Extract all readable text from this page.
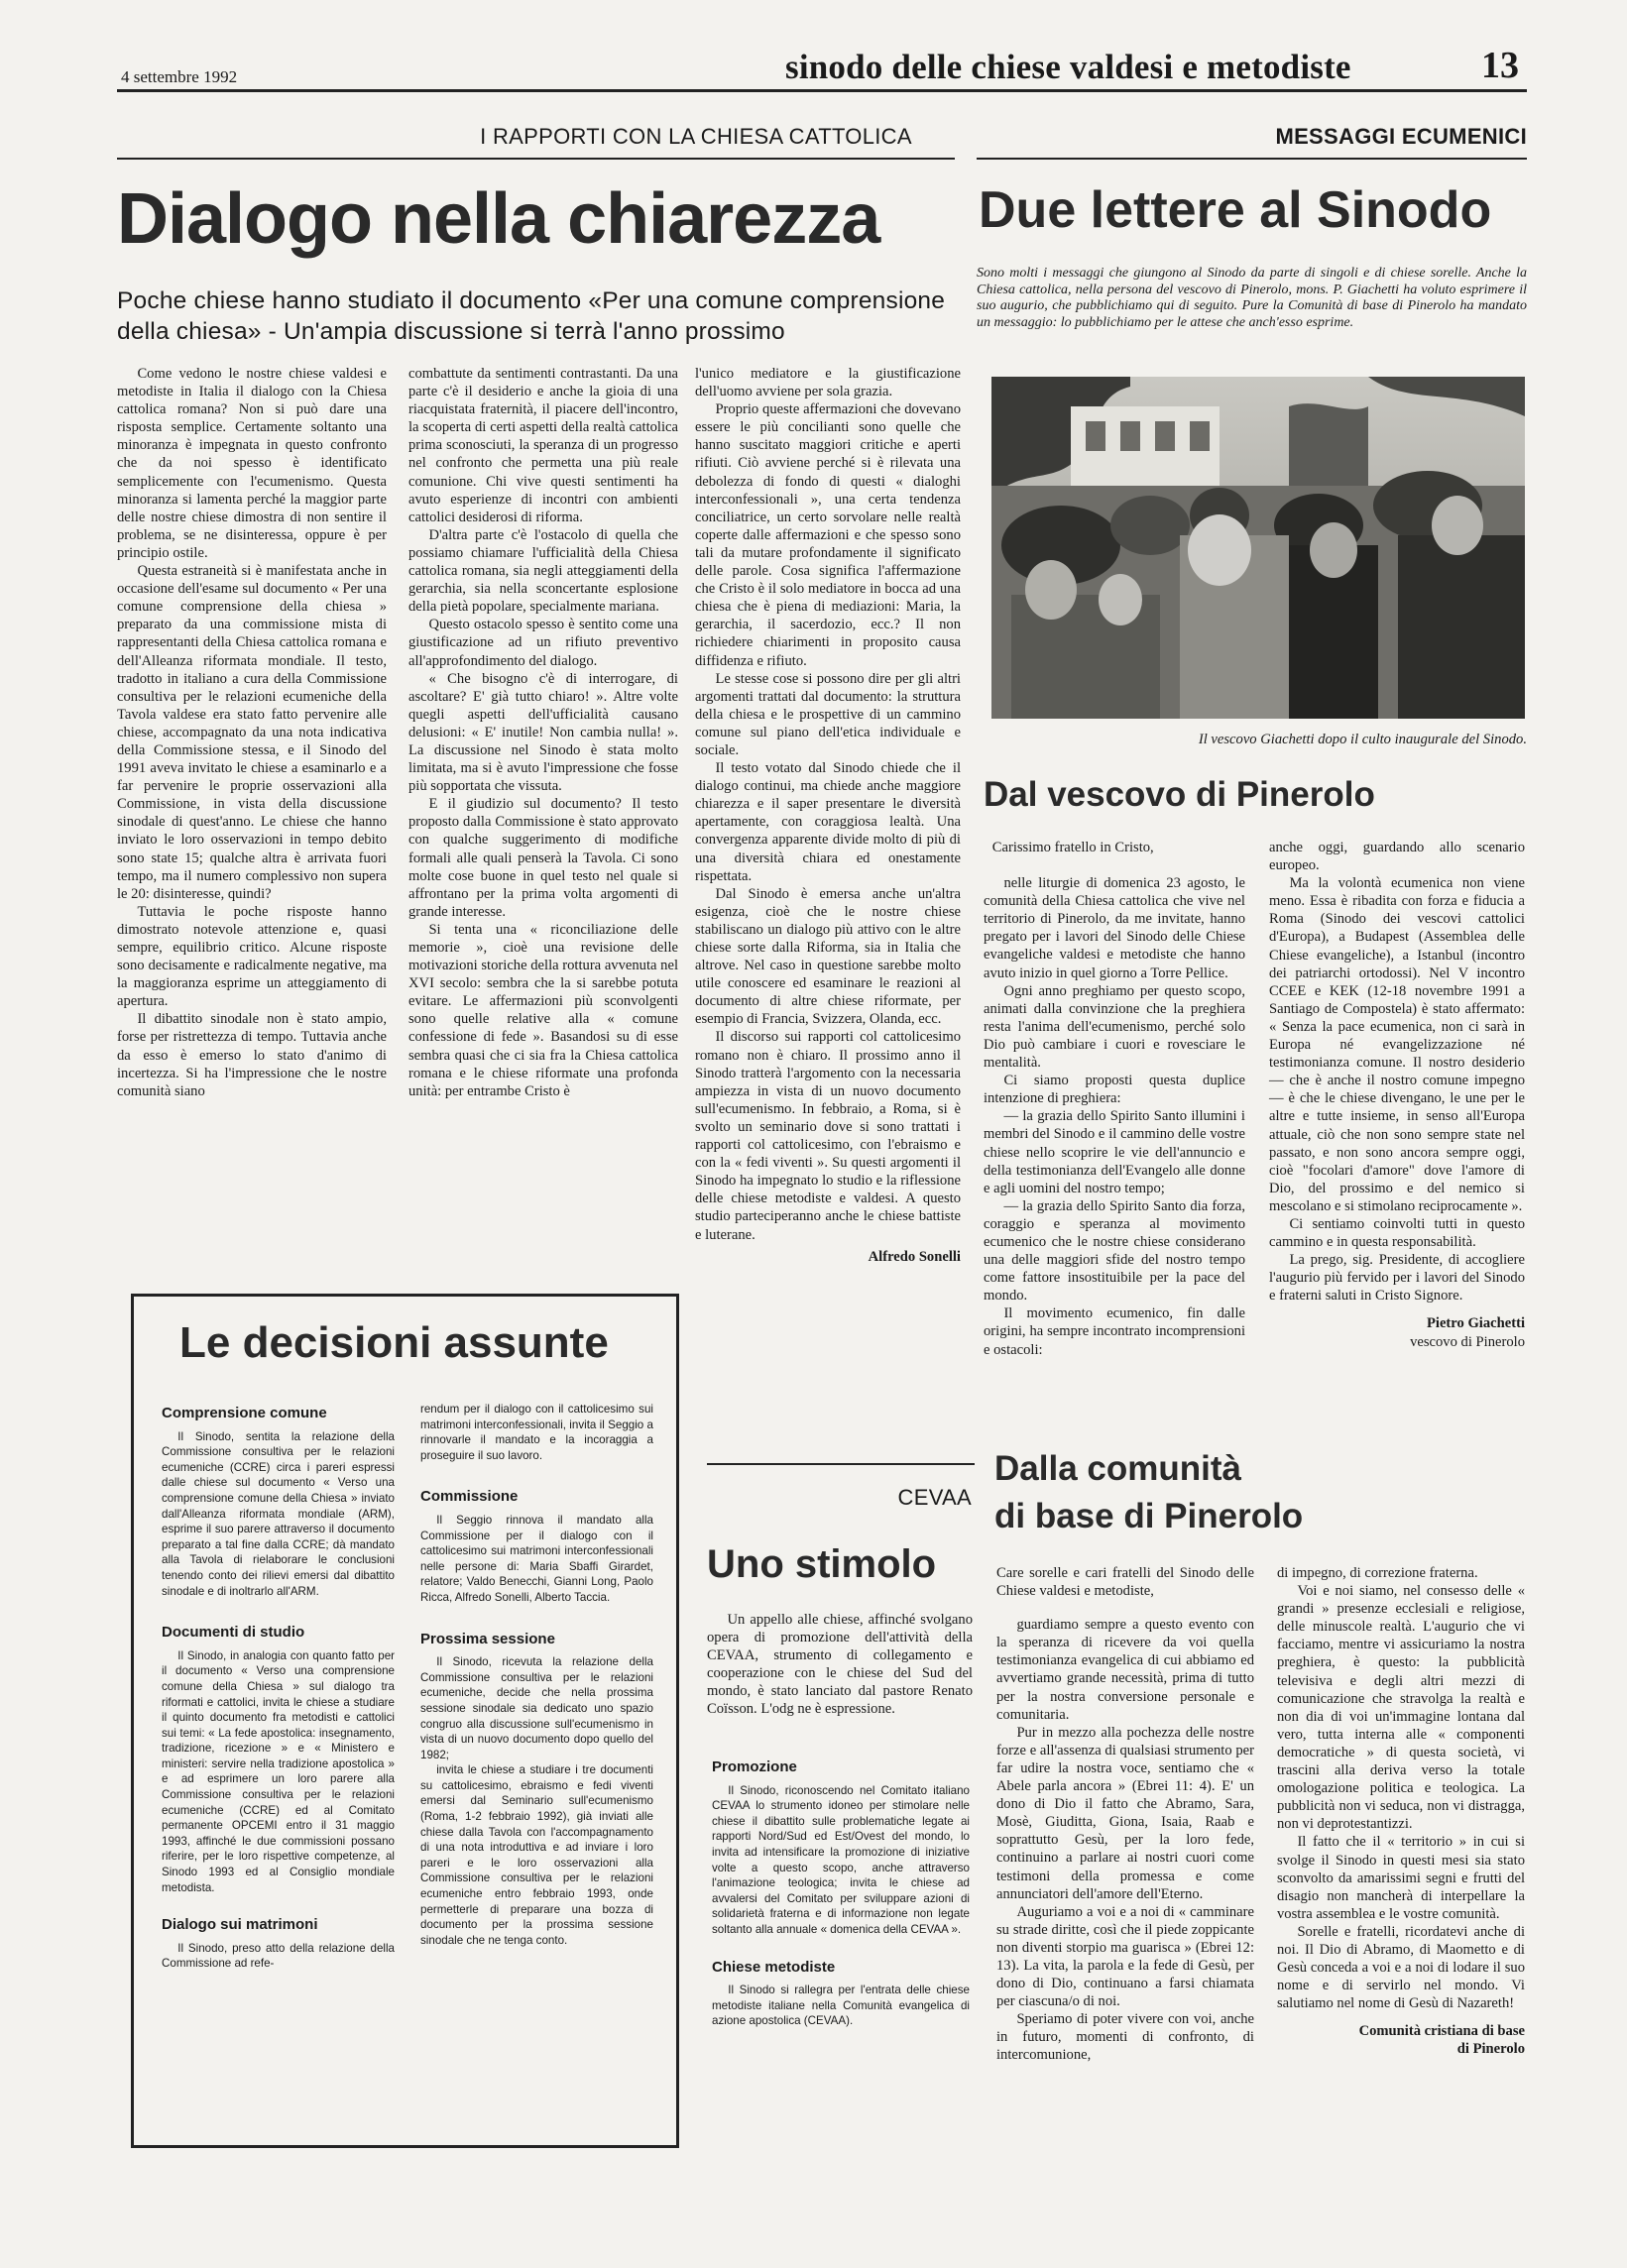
4 settembre 1992	sinodo delle chiese valdesi e metodiste	13
I RAPPORTI CON LA CHIESA CATTOLICA
Dialogo nella chiarezza
Poche chiese hanno studiato il documento «Per una comune comprensione della chiesa» - Un'ampia discussione si terrà l'anno prossimo
MESSAGGI ECUMENICI
Due lettere al Sinodo
Sono molti i messaggi che giungono al Sinodo da parte di singoli e di chiese sorelle. Anche la Chiesa cattolica, nella persona del vescovo di Pinerolo, mons. P. Giachetti ha voluto esprimere il suo augurio, che pubblichiamo qui di seguito. Pure la Comunità di base di Pinerolo ha mandato un messaggio: lo pubblichiamo per le attese che anch'esso esprime.

Come vedono le nostre chiese valdesi e metodiste in Italia il dialogo con la Chiesa cattolica romana? Non si può dare una risposta semplice. Certamente soltanto una minoranza è impegnata in questo confronto che da noi spesso è identificato semplicemente con l'ecumenismo. Questa minoranza si lamenta perché la maggior parte delle nostre chiese dimostra di non sentire il problema, se ne disinteressa, oppure è per principio ostile.

Questa estraneità si è manifestata anche in occasione dell'esame sul documento « Per una comune comprensione della chiesa » preparato da una commissione mista di rappresentanti della Chiesa cattolica romana e dell'Alleanza riformata mondiale. Il testo, tradotto in italiano a cura della Commissione consultiva per le relazioni ecumeniche della Tavola valdese era stato fatto pervenire alle chiese, accompagnato da una nota indicativa della Commissione stessa, e il Sinodo del 1991 aveva invitato le chiese a esaminarlo e a far pervenire le proprie osservazioni alla Commissione, in vista della discussione sinodale di quest'anno. Le chiese che hanno inviato le loro osservazioni in tempo debito sono state 15; qualche altra è arrivata fuori tempo, ma il numero complessivo non supera le 20: disinteresse, quindi?

Tuttavia le poche risposte hanno dimostrato notevole attenzione e, quasi sempre, equilibrio critico. Alcune risposte sono decisamente e radicalmente negative, ma la maggioranza esprime un atteggiamento di apertura.

Il dibattito sinodale non è stato ampio, forse per ristrettezza di tempo. Tuttavia anche da esso è emerso lo stato d'animo di incertezza. Si ha l'impressione che le nostre comunità siano

combattute da sentimenti contrastanti. Da una parte c'è il desiderio e anche la gioia di una riacquistata fraternità, il piacere dell'incontro, la scoperta di certi aspetti della realtà cattolica prima sconosciuti, la speranza di un progresso nel confronto che permetta una più reale comunione. Chi vive questi sentimenti ha avuto esperienze di incontri con ambienti cattolici desiderosi di riforma.

D'altra parte c'è l'ostacolo di quella che possiamo chiamare l'ufficialità della Chiesa cattolica romana, sia negli atteggiamenti della gerarchia, sia nella sconcertante esplosione della pietà popolare, specialmente mariana.

Questo ostacolo spesso è sentito come una giustificazione ad un rifiuto preventivo all'approfondimento del dialogo.

« Che bisogno c'è di interrogare, di ascoltare? E' già tutto chiaro! ». Altre volte quegli aspetti dell'ufficialità causano delusioni: « E' inutile! Non cambia nulla! ». La discussione nel Sinodo è stata molto limitata, ma si è avuto l'impressione che fosse più sopportata che vissuta.

E il giudizio sul documento? Il testo proposto dalla Commissione è stato approvato con qualche suggerimento di modifiche formali alle quali penserà la Tavola. Ci sono molte cose buone in quel testo nel quale si affrontano per la prima volta argomenti di grande interesse.

Si tenta una « riconciliazione delle memorie », cioè una revisione delle motivazioni storiche della rottura avvenuta nel XVI secolo: sembra che la si sarebbe potuta evitare. Le affermazioni più sconvolgenti sono quelle relative alla « comune confessione di fede ». Basandosi su di esse sembra quasi che ci sia fra la Chiesa cattolica romana e le chiese riformate una profonda unità: per entrambe Cristo è

l'unico mediatore e la giustificazione dell'uomo avviene per sola grazia.

Proprio queste affermazioni che dovevano essere le più concilianti sono quelle che hanno suscitato maggiori critiche e aperti rifiuti. Ciò avviene perché si è rilevata una debolezza di fondo di questi « dialoghi interconfessionali », una certa tendenza conciliatrice, un certo sorvolare nelle realtà coperte dalle affermazioni e che spesso sono tali da mutare profondamente il significato delle parole. Cosa significa l'affermazione che Cristo è il solo mediatore in bocca ad una chiesa che è piena di mediazioni: Maria, la gerarchia, il sacerdozio, ecc.? Il non richiedere chiarimenti in proposito causa diffidenza e rifiuto.

Le stesse cose si possono dire per gli altri argomenti trattati dal documento: la struttura della chiesa e le prospettive di un cammino comune sul piano dell'etica individuale e sociale.

Il testo votato dal Sinodo chiede che il dialogo continui, ma chiede anche maggiore chiarezza e il saper presentare le diversità apertamente, con coraggiosa lealtà. Una convergenza apparente divide molto di più di una diversità chiara ed onestamente rispettata.

Dal Sinodo è emersa anche un'altra esigenza, cioè che le nostre chiese stabiliscano un dialogo più attivo con le altre chiese sorte dalla Riforma, sia in Italia che altrove. Nel caso in questione sarebbe molto utile conoscere ed esaminare le reazioni al documento di altre chiese riformate, per esempio di Francia, Svizzera, Olanda, ecc.

Il discorso sui rapporti col cattolicesimo romano non è chiaro. Il prossimo anno il Sinodo tratterà l'argomento con la necessaria ampiezza in vista di un nuovo documento sull'ecumenismo. In febbraio, a Roma, si è svolto un seminario dove si sono trattati i rapporti col cattolicesimo, con l'ebraismo e con la « fedi viventi ». Su questi argomenti il Sinodo ha impegnato lo studio e la riflessione delle chiese metodiste e valdesi. A questo studio parteciperanno anche le chiese battiste e luterane.

Alfredo Sonelli
Le decisioni assunte
Comprensione comune

Il Sinodo, sentita la relazione della Commissione consultiva per le relazioni ecumeniche (CCRE) circa i pareri espressi dalle chiese sul documento « Verso una comprensione comune della Chiesa » inviato dall'Alleanza riformata mondiale (ARM), esprime il suo parere attraverso il documento preparato a tal fine dalla CCRE; dà mandato alla Tavola di rielaborare le conclusioni tenendo conto dei rilievi emersi dal dibattito sinodale e di inoltrarlo all'ARM.

Documenti di studio

Il Sinodo, in analogia con quanto fatto per il documento « Verso una comprensione comune della Chiesa » sul dialogo tra riformati e cattolici, invita le chiese a studiare il quinto documento fra metodisti e cattolici sui temi: « La fede apostolica: insegnamento, tradizione, ricezione » e « Ministero e ministeri: servire nella tradizione apostolica » e ad esprimere un loro parere alla Commissione consultiva per le relazioni ecumeniche (CCRE) ed al Comitato permanente OPCEMI entro il 31 maggio 1993, affinché le due commissioni possano riferire, per le loro rispettive competenze, al Sinodo 1993 ed al Consiglio mondiale metodista.

Dialogo sui matrimoni

Il Sinodo, preso atto della relazione della Commissione ad refe-

rendum per il dialogo con il cattolicesimo sui matrimoni interconfessionali, invita il Seggio a rinnovarle il mandato e la incoraggia a proseguire il suo lavoro.

Commissione

Il Seggio rinnova il mandato alla Commissione per il dialogo con il cattolicesimo sui matrimoni interconfessionali nelle persone di: Maria Sbaffi Girardet, relatore; Valdo Benecchi, Gianni Long, Paolo Ricca, Alfredo Sonelli, Alberto Taccia.

Prossima sessione

Il Sinodo, ricevuta la relazione della Commissione consultiva per le relazioni ecumeniche, decide che nella prossima sessione sinodale sia dedicato uno spazio congruo alla discussione sull'ecumenismo in vista di un nuovo documento dopo quello del 1982;

invita le chiese a studiare i tre documenti su cattolicesimo, ebraismo e fedi viventi emersi dal Seminario sull'ecumenismo (Roma, 1-2 febbraio 1992), già inviati alle chiese dalla Tavola con l'accompagnamento di una nota introduttiva e ad inviare i loro pareri e le loro osservazioni alla Commissione consultiva per le relazioni ecumeniche entro febbraio 1993, onde permetterle di preparare una bozza di documento per la prossima sessione sinodale che ne tenga conto.

CEVAA
Uno stimolo

Un appello alle chiese, affinché svolgano opera di promozione dell'attività della CEVAA, strumento di collegamento e cooperazione con le chiese del Sud del mondo, è stato lanciato dal pastore Renato Coïsson. L'odg ne è espressione.

Promozione

Il Sinodo, riconoscendo nel Comitato italiano CEVAA lo strumento idoneo per stimolare nelle chiese il dibattito sulle problematiche legate ai rapporti Nord/Sud ed Est/Ovest del mondo, lo invita ad intensificare la promozione di iniziative volte a questo scopo, anche attraverso l'animazione teologica; invita le chiese ad avvalersi del Comitato per sviluppare azioni di solidarietà fraterna e di informazione non legate soltanto alla annuale « domenica della CEVAA ».

Chiese metodiste

Il Sinodo si rallegra per l'entrata delle chiese metodiste italiane nella Comunità evangelica di azione apostolica (CEVAA).

Il vescovo Giachetti dopo il culto inaugurale del Sinodo.
Dal vescovo di Pinerolo

Carissimo fratello in Cristo,

nelle liturgie di domenica 23 agosto, le comunità della Chiesa cattolica che vive nel territorio di Pinerolo, da me invitate, hanno pregato per i lavori del Sinodo delle Chiese evangeliche valdesi e metodiste che hanno avuto inizio in quel giorno a Torre Pellice.

Ogni anno preghiamo per questo scopo, animati dalla convinzione che la preghiera resta l'anima dell'ecumenismo, perché solo Dio può cambiare i cuori e rovesciare le mentalità.

Ci siamo proposti questa duplice intenzione di preghiera:

— la grazia dello Spirito Santo illumini i membri del Sinodo e il cammino delle vostre chiese nello scoprire le vie dell'annuncio e della testimonianza dell'Evangelo alle donne e agli uomini del nostro tempo;

— la grazia dello Spirito Santo dia forza, coraggio e speranza al movimento ecumenico che le nostre chiese considerano una delle maggiori sfide del nostro tempo come fattore insostituibile per la pace del mondo.

Il movimento ecumenico, fin dalle origini, ha sempre incontrato incomprensioni e ostacoli:

anche oggi, guardando allo scenario europeo.

Ma la volontà ecumenica non viene meno. Essa è ribadita con forza e fiducia a Roma (Sinodo dei vescovi cattolici d'Europa), a Budapest (Assemblea delle Chiese evangeliche), a Istanbul (incontro dei patriarchi ortodossi). Nel V incontro CCEE e KEK (12-18 novembre 1991 a Santiago de Compostela) è stato affermato: « Senza la pace ecumenica, non ci sarà in Europa né evangelizzazione né testimonianza comune. Il nostro desiderio — che è anche il nostro comune impegno — è che le chiese divengano, le une per le altre e tutte insieme, in senso all'Europa attuale, ciò che non sono sempre state nel passato, e non sono ancora sempre oggi, cioè "focolari d'amore" dove l'amore di Dio, del prossimo e del nemico si mescolano e si stimolano reciprocamente ».

Ci sentiamo coinvolti tutti in questo cammino e in questa responsabilità.

La prego, sig. Presidente, di accogliere l'augurio più fervido per i lavori del Sinodo e fraterni saluti in Cristo Signore.

Pietro Giachetti
vescovo di Pinerolo
Dalla comunità
di base di Pinerolo

Care sorelle e cari fratelli del Sinodo delle Chiese valdesi e metodiste,

guardiamo sempre a questo evento con la speranza di ricevere da voi quella testimonianza evangelica di cui abbiamo ed avvertiamo grande necessità, prima di tutto per la nostra conversione personale e comunitaria.

Pur in mezzo alla pochezza delle nostre forze e all'assenza di qualsiasi strumento per far udire la nostra voce, sentiamo che « Abele parla ancora » (Ebrei 11: 4). E' un dono di Dio il fatto che Abramo, Sara, Mosè, Giuditta, Giona, Isaia, Raab e soprattutto Gesù, per la loro fede, continuino a parlare ai nostri cuori come testimoni della promessa e come annunciatori dell'amore dell'Eterno.

Auguriamo a voi e a noi di « camminare su strade diritte, così che il piede zoppicante non diventi storpio ma guarisca » (Ebrei 12: 13). La vita, la parola e la fede di Gesù, per dono di Dio, continuano a farsi chiamata per ciascuna/o di noi.

Speriamo di poter vivere con voi, anche in futuro, momenti di confronto, di intercomunione,

di impegno, di correzione fraterna.

Voi e noi siamo, nel consesso delle « grandi » presenze ecclesiali e religiose, delle minuscole realtà. L'augurio che vi facciamo, mentre vi assicuriamo la nostra preghiera, è questo: la pubblicità televisiva e degli altri mezzi di comunicazione che stravolga la realtà e non dia di voi un'immagine lontana dal vero, tutta interna alle « componenti democratiche » di questa società, vi trascini alla deriva verso la totale omologazione politica e teologica. La pubblicità non vi seduca, non vi distragga, non vi deprotestantizzi.

Il fatto che il « territorio » in cui si svolge il Sinodo in questi mesi sia stato sconvolto da amarissimi segni e frutti del disagio non mancherà di interpellare la vostra assemblea e le vostre comunità.

Sorelle e fratelli, ricordatevi anche di noi. Il Dio di Abramo, di Maometto e di Gesù conceda a voi e a noi di lodare il suo nome e di servirlo nel mondo. Vi salutiamo nel nome di Gesù di Nazareth!

Comunità cristiana di base
di Pinerolo
